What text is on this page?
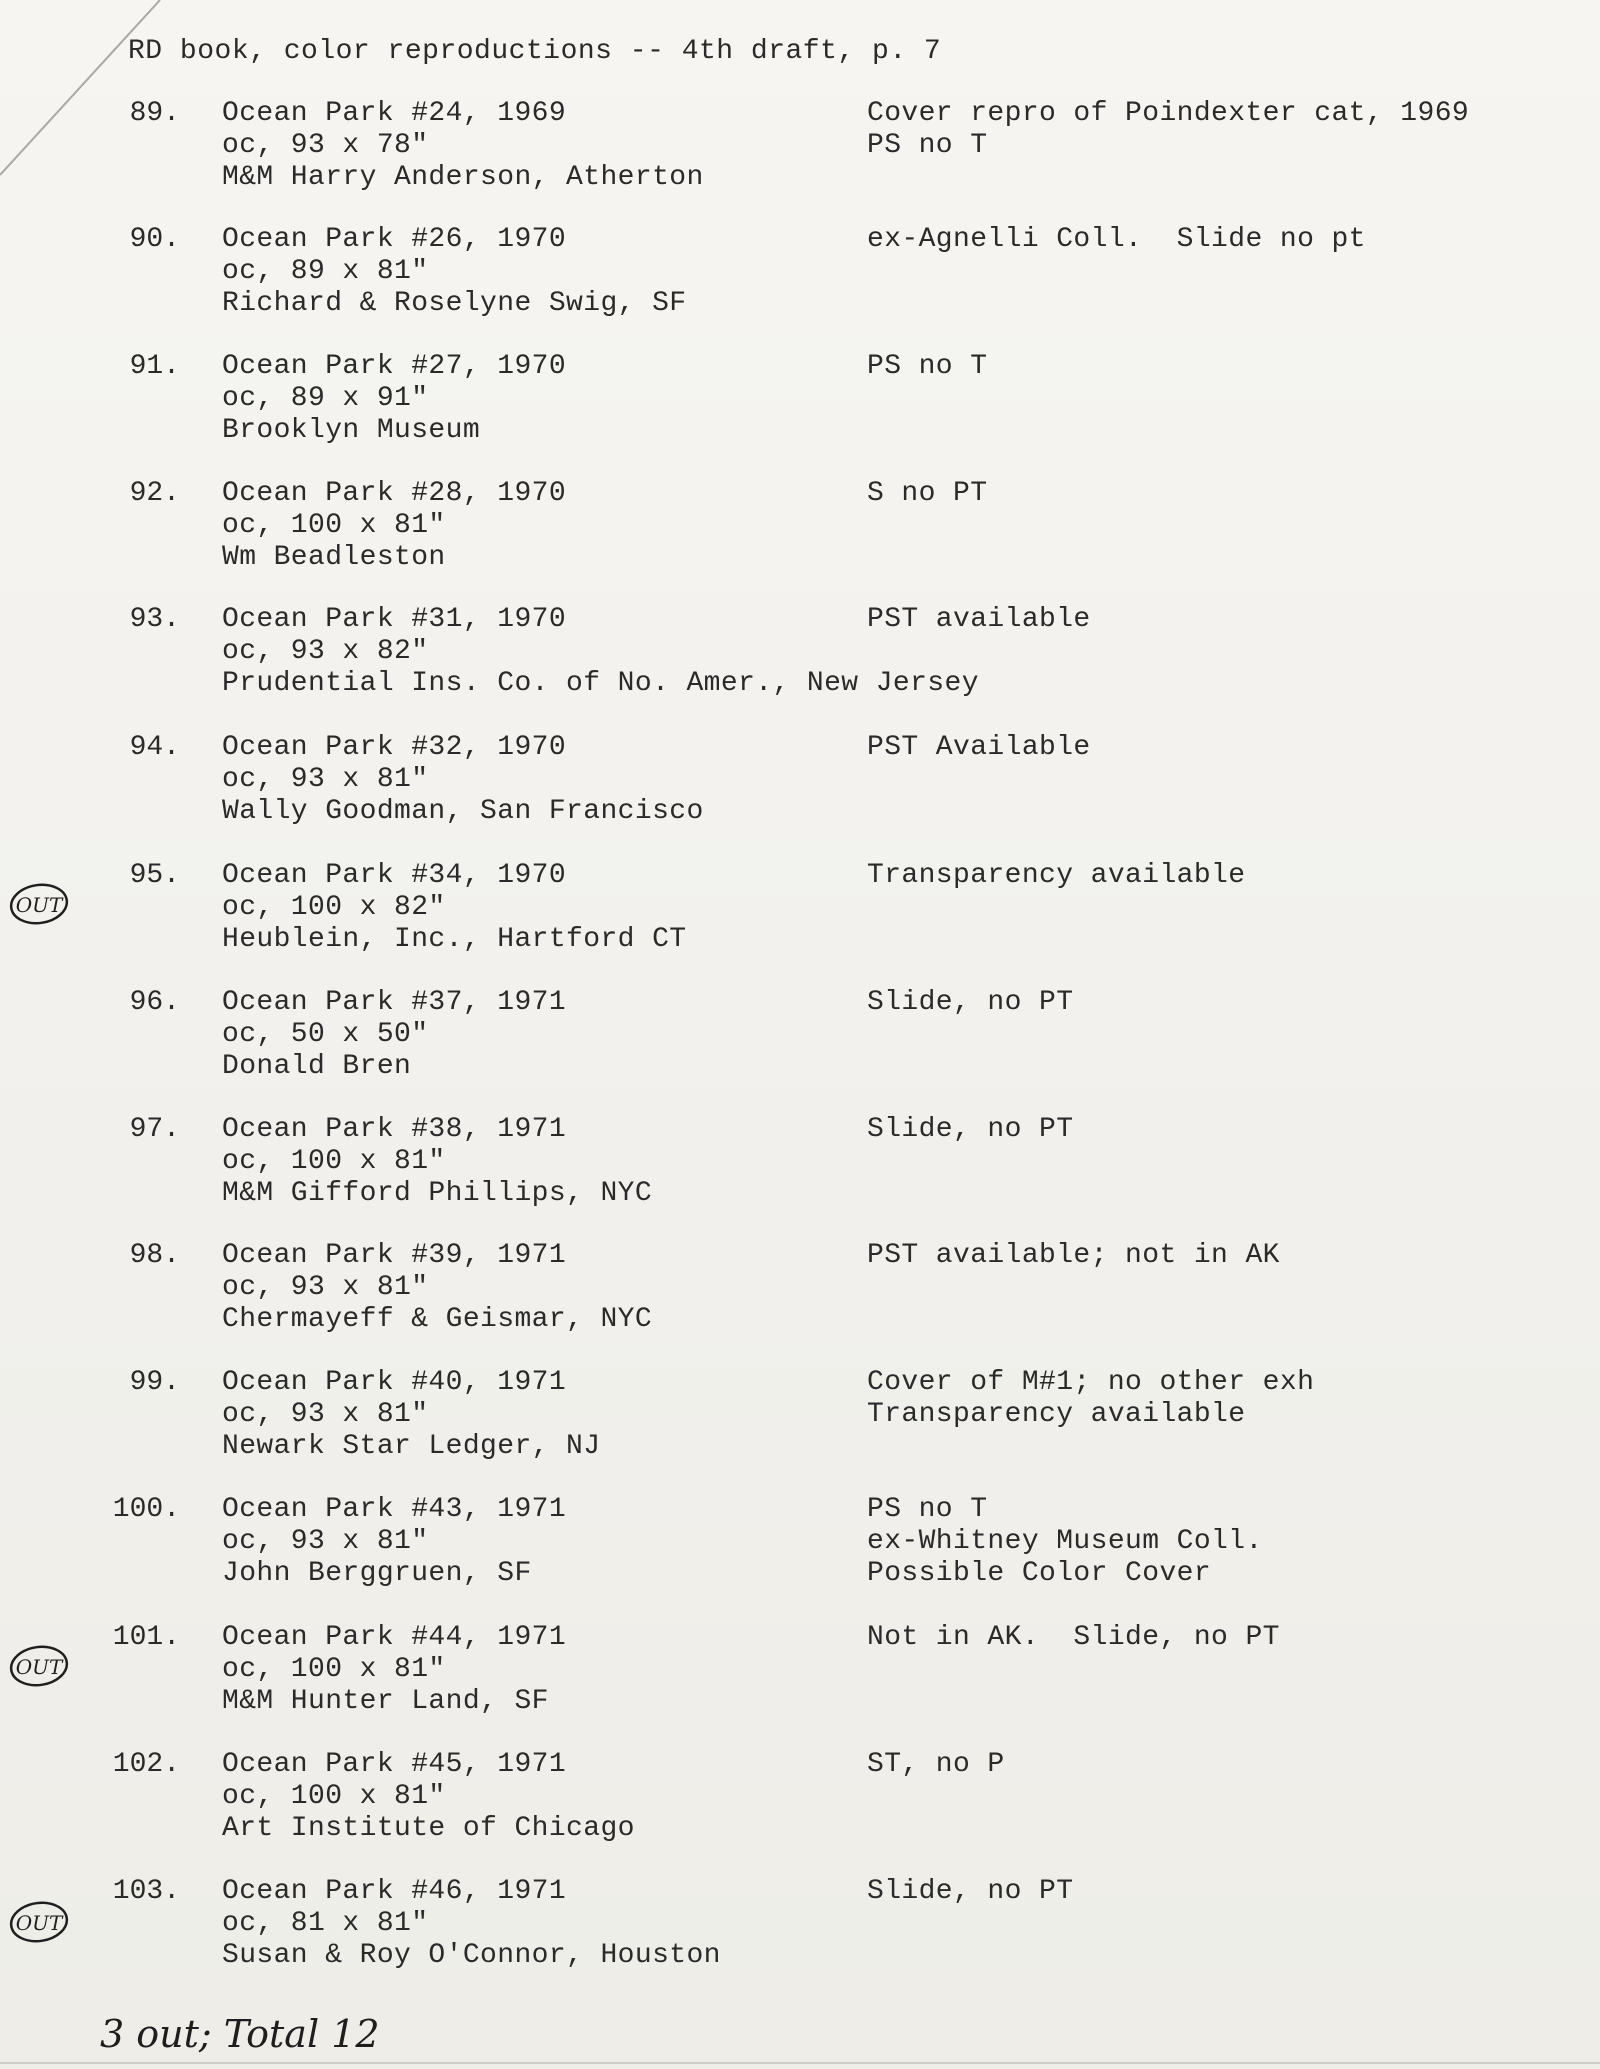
RD book, color reproductions -- 4th draft, p. 7
89. Ocean Park #24, 1969
oc, 93 x 78"
M&M Harry Anderson, Atherton
Cover repro of Poindexter cat, 1969
PS no T
90. Ocean Park #26, 1970
oc, 89 x 81"
Richard & Roselyne Swig, SF
ex-Agnelli Coll.  Slide no pt
91. Ocean Park #27, 1970
oc, 89 x 91"
Brooklyn Museum
PS no T
92. Ocean Park #28, 1970
oc, 100 x 81"
Wm Beadleston
S no PT
93. Ocean Park #31, 1970
oc, 93 x 82"
Prudential Ins. Co. of No. Amer., New Jersey
PST available
94. Ocean Park #32, 1970
oc, 93 x 81"
Wally Goodman, San Francisco
PST Available
95. Ocean Park #34, 1970
oc, 100 x 82"
Heublein, Inc., Hartford CT
Transparency available
OUT
96. Ocean Park #37, 1971
oc, 50 x 50"
Donald Bren
Slide, no PT
97. Ocean Park #38, 1971
oc, 100 x 81"
M&M Gifford Phillips, NYC
Slide, no PT
98. Ocean Park #39, 1971
oc, 93 x 81"
Chermayeff & Geismar, NYC
PST available; not in AK
99. Ocean Park #40, 1971
oc, 93 x 81"
Newark Star Ledger, NJ
Cover of M#1; no other exh
Transparency available
100. Ocean Park #43, 1971
oc, 93 x 81"
John Berggruen, SF
PS no T
ex-Whitney Museum Coll.
Possible Color Cover
101. Ocean Park #44, 1971
oc, 100 x 81"
M&M Hunter Land, SF
Not in AK.  Slide, no PT
OUT
102. Ocean Park #45, 1971
oc, 100 x 81"
Art Institute of Chicago
ST, no P
103. Ocean Park #46, 1971
oc, 81 x 81"
Susan & Roy O'Connor, Houston
Slide, no PT
OUT
3 out; Total 12
